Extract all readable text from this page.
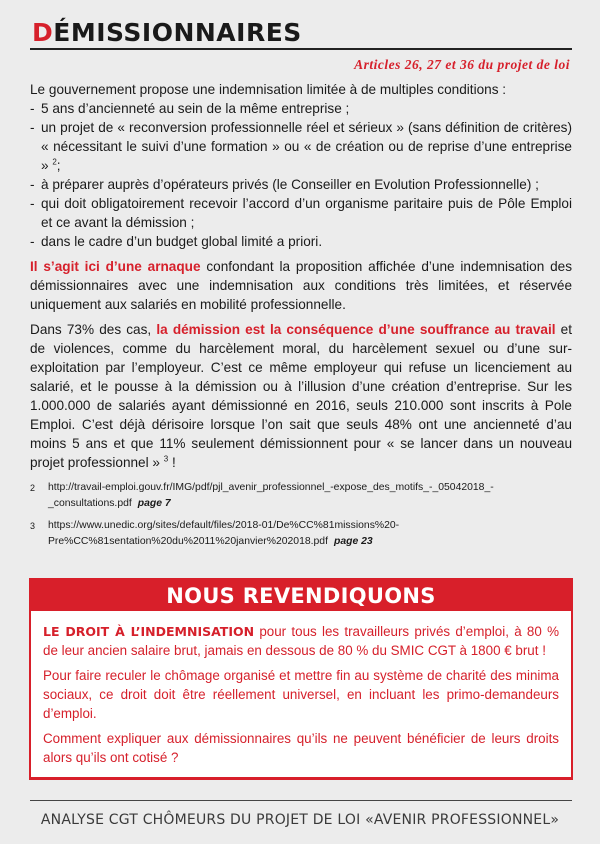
DÉMISSIONNAIRES
Articles 26, 27 et 36 du projet de loi

Le gouvernement propose une indemnisation limitée à de multiples conditions :

- 5 ans d’ancienneté au sein de la même entreprise ;
- un projet de « reconversion professionnelle réel et sérieux » (sans définition de critères) « nécessitant le suivi d’une formation » ou « de création ou de reprise d’une entreprise » $^2$;
- à préparer auprès d’opérateurs privés (le Conseiller en Evolution Professionnelle) ;
- qui doit obligatoirement recevoir l’accord d’un organisme paritaire puis de Pôle Emploi et ce avant la démission ;
- dans le cadre d’un budget global limité a priori.

Il s’agit ici d’une arnaque confondant la proposition affichée d’une indemnisation des démissionnaires avec une indemnisation aux conditions très limitées, et réservée uniquement aux salariés en mobilité professionnelle.

Dans 73% des cas, la démission est la conséquence d’une souffrance au travail et de violences, comme du harcèlement moral, du harcèlement sexuel ou d’une sur-exploitation par l’employeur. C’est ce même employeur qui refuse un licenciement au salarié, et le pousse à la démission ou à l’illusion d’une création d’entreprise. Sur les 1.000.000 de salariés ayant démissionné en 2016, seuls 210.000 sont inscrits à Pole Emploi. C’est déjà dérisoire lorsque l’on sait que seuls 48% ont une ancienneté d’au moins 5 ans et que 11% seulement démissionnent pour « se lancer dans un nouveau projet professionnel » $^3$ !

2	http://travail-emploi.gouv.fr/IMG/pdf/pjl_avenir_professionnel_-expose_des_motifs_-_05042018_-_consultations.pdf page 7
3	https://www.unedic.org/sites/default/files/2018-01/De%CC%81missions%20-Pre%CC%81sentation%20du%2011%20janvier%202018.pdf page 23
NOUS REVENDIQUONS

LE DROIT À L’INDEMNISATION pour tous les travailleurs privés d’emploi, à 80 % de leur ancien salaire brut, jamais en dessous de 80 % du SMIC CGT à 1800 € brut !

Pour faire reculer le chômage organisé et mettre fin au système de charité des minima sociaux, ce droit doit être réellement universel, en incluant les primo-demandeurs d’emploi.

Comment expliquer aux démissionnaires qu’ils ne peuvent bénéficier de leurs droits alors qu’ils ont cotisé ?

ANALYSE CGT CHÔMEURS DU PROJET DE LOI «AVENIR PROFESSIONNEL»
